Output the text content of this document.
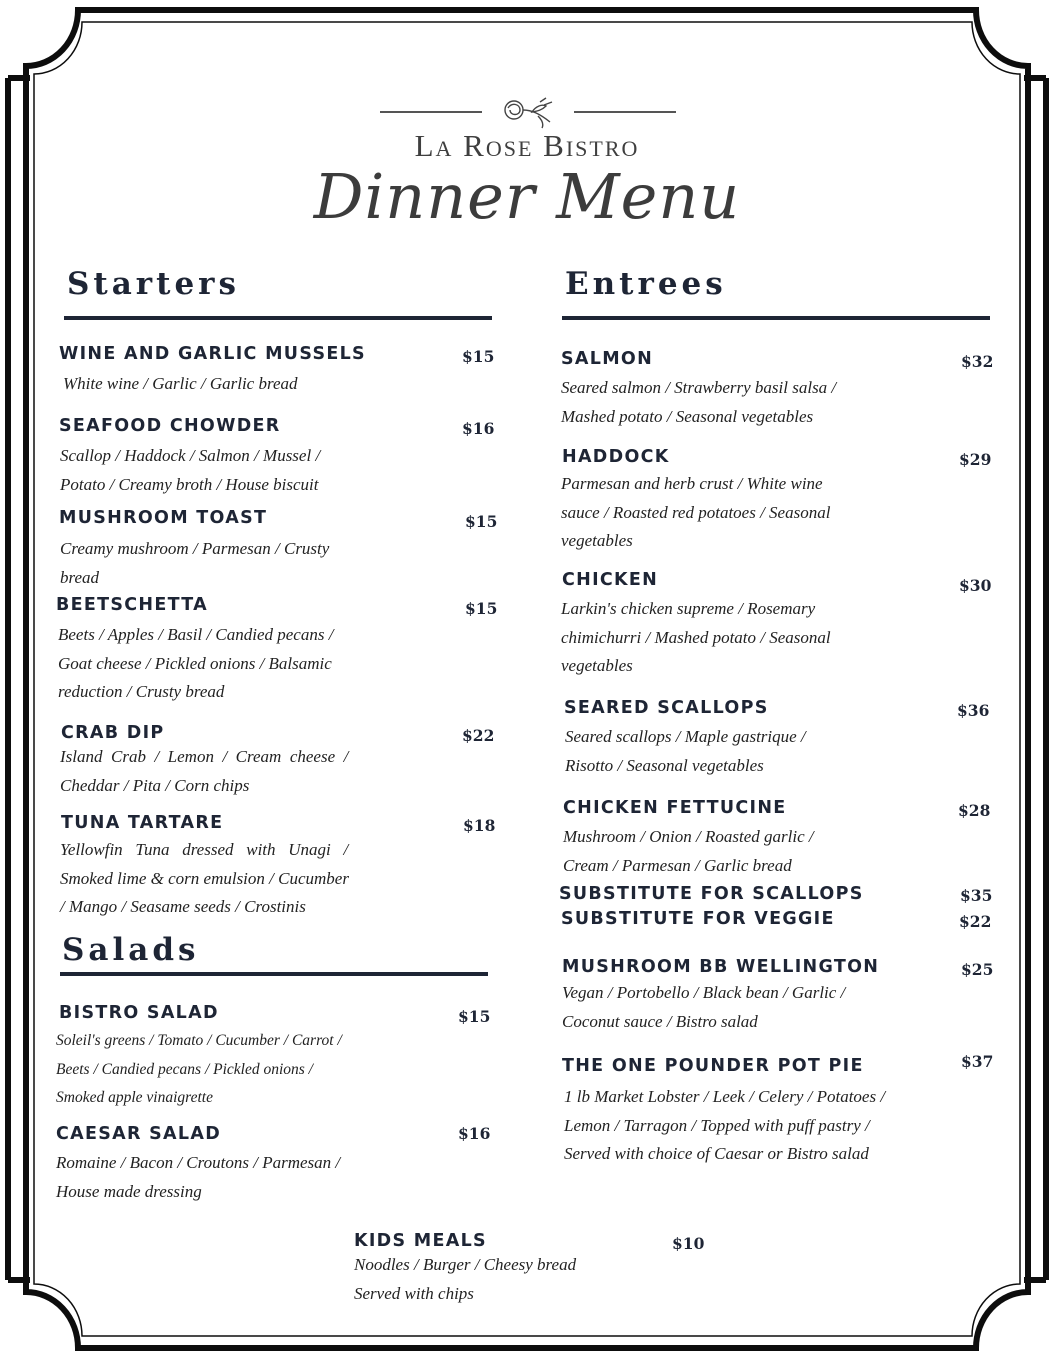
La Rose Bistro
Dinner Menu
Starters	Entrees
Salads
WINE AND GARLIC MUSSELS	$15
White wine / Garlic / Garlic bread
SEAFOOD CHOWDER	$16
Scallop / Haddock / Salmon / Mussel /
Potato / Creamy broth / House biscuit
MUSHROOM TOAST	$15
Creamy mushroom / Parmesan / Crusty
bread
BEETSCHETTA	$15
Beets / Apples / Basil / Candied pecans /
Goat cheese / Pickled onions / Balsamic
reduction / Crusty bread
CRAB DIP	$22
Island  Crab  /  Lemon  /  Cream  cheese  /
Cheddar / Pita / Corn chips
TUNA TARTARE	$18
Yellowfin   Tuna   dressed   with   Unagi   /
Smoked lime & corn emulsion / Cucumber
/ Mango / Seasame seeds / Crostinis
BISTRO SALAD	$15
Soleil's greens / Tomato / Cucumber / Carrot /
Beets / Candied pecans / Pickled onions /
Smoked apple vinaigrette
CAESAR SALAD	$16
Romaine / Bacon / Croutons / Parmesan /
House made dressing
SALMON	$32
Seared salmon / Strawberry basil salsa /
Mashed potato / Seasonal vegetables
HADDOCK	$29
Parmesan and herb crust / White wine
sauce / Roasted red potatoes / Seasonal
vegetables
CHICKEN	$30
Larkin's chicken supreme / Rosemary
chimichurri / Mashed potato / Seasonal
vegetables
SEARED SCALLOPS	$36
Seared scallops / Maple gastrique /
Risotto / Seasonal vegetables
CHICKEN FETTUCINE	$28
Mushroom / Onion / Roasted garlic /
Cream / Parmesan / Garlic bread
SUBSTITUTE FOR SCALLOPS	$35
SUBSTITUTE FOR VEGGIE	$22
MUSHROOM BB WELLINGTON	$25
Vegan / Portobello / Black bean / Garlic /
Coconut sauce / Bistro salad
THE ONE POUNDER POT PIE	$37
1 lb Market Lobster / Leek / Celery / Potatoes /
Lemon / Tarragon / Topped with puff pastry /
Served with choice of Caesar or Bistro salad
KIDS MEALS	$10
Noodles / Burger / Cheesy bread
Served with chips
